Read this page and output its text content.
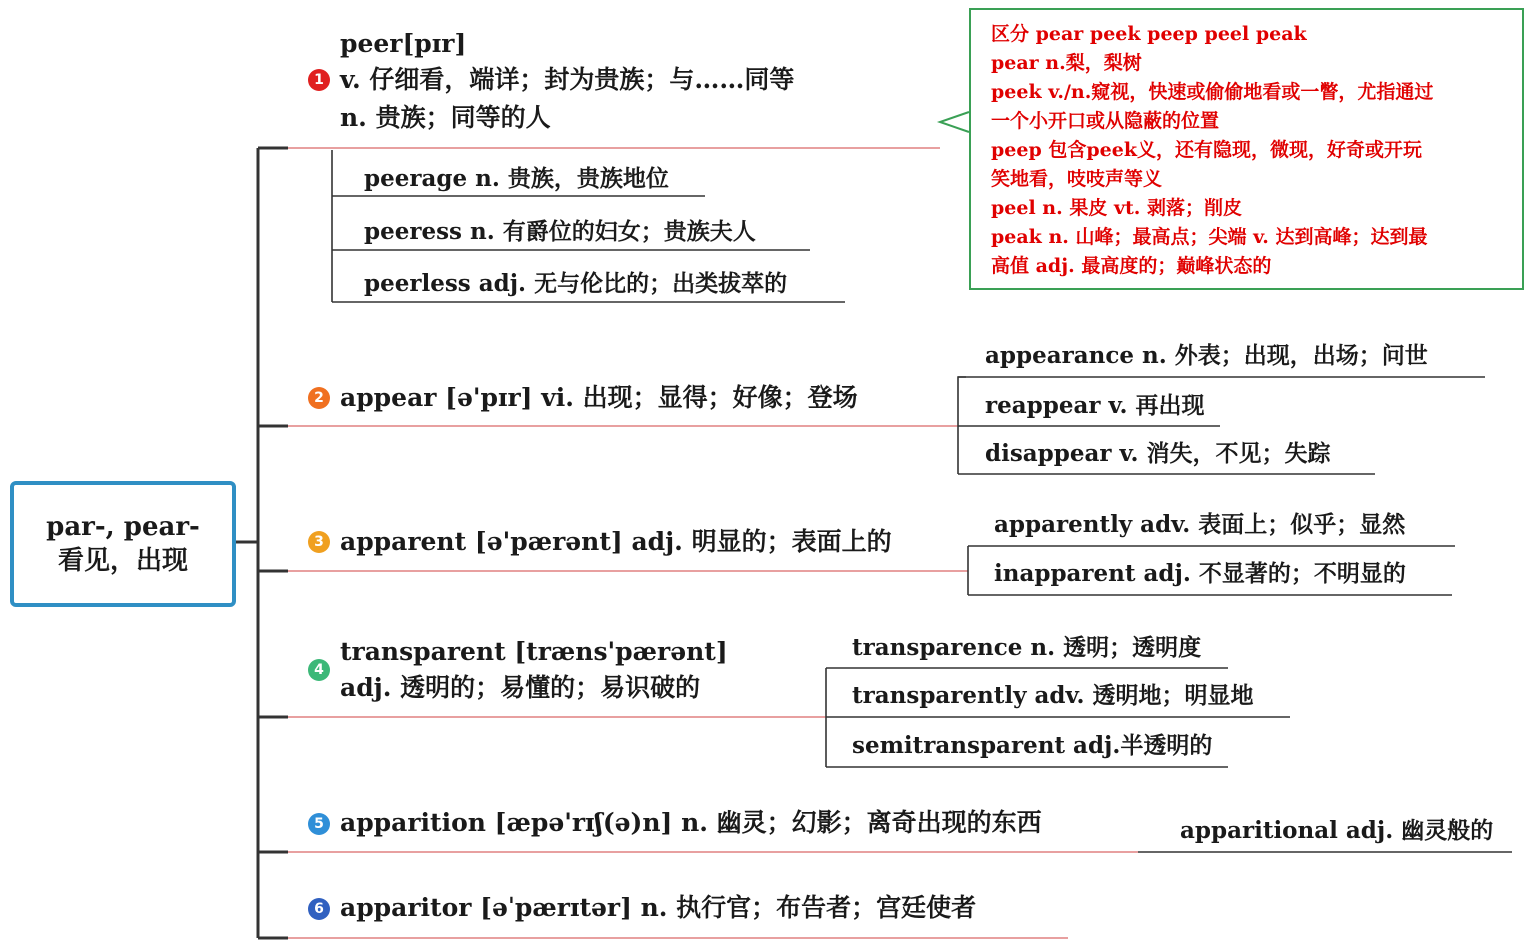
par-, pear-
看见，出现
1
peer[pɪr]
v. 仔细看，端详；封为贵族；与……同等
n. 贵族；同等的人
peerage n. 贵族，贵族地位
peeress n. 有爵位的妇女；贵族夫人
peerless adj. 无与伦比的；出类拔萃的
2 appear [ə'pɪr] vi. 出现；显得；好像；登场
appearance n. 外表；出现，出场；问世
reappear v. 再出现
disappear v. 消失，不见；失踪
3 apparent [ə'pærənt] adj. 明显的；表面上的
apparently adv. 表面上；似乎；显然
inapparent adj. 不显著的；不明显的
4
transparent [træns'pærənt]
adj. 透明的；易懂的；易识破的
transparence n. 透明；透明度
transparently adv. 透明地；明显地
semitransparent adj.半透明的
5 apparition [æpə'rɪʃ(ə)n] n. 幽灵；幻影；离奇出现的东西	apparitional adj. 幽灵般的
6 apparitor [əˈpærɪtər] n. 执行官；布告者；宫廷使者
区分 pear peek peep peel peak
pear n.梨，梨树
peek v./n.窥视，快速或偷偷地看或一瞥，尤指通过
一个小开口或从隐蔽的位置
peep 包含peek义，还有隐现，微现，好奇或开玩
笑地看，吱吱声等义
peel n. 果皮 vt. 剥落；削皮
peak n. 山峰；最高点；尖端 v. 达到高峰；达到最
高值 adj. 最高度的；巅峰状态的
